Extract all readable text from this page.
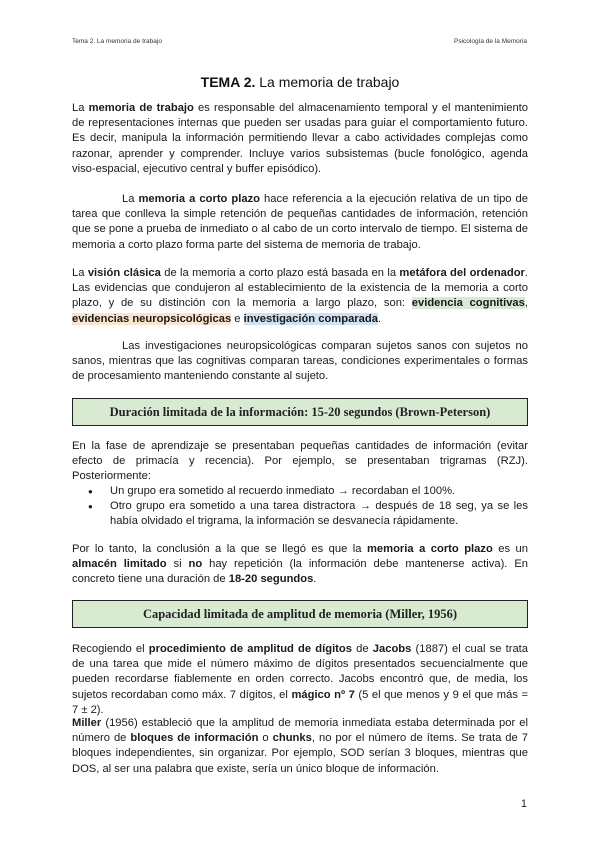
Tema 2. La memoria de trabajo	Psicología de la Memoria
TEMA 2. La memoria de trabajo
La memoria de trabajo es responsable del almacenamiento temporal y el mantenimiento de representaciones internas que pueden ser usadas para guiar el comportamiento futuro. Es decir, manipula la información permitiendo llevar a cabo actividades complejas como razonar, aprender y comprender. Incluye varios subsistemas (bucle fonológico, agenda viso-espacial, ejecutivo central y buffer episódico).
La memoria a corto plazo hace referencia a la ejecución relativa de un tipo de tarea que conlleva la simple retención de pequeñas cantidades de información, retención que se pone a prueba de inmediato o al cabo de un corto intervalo de tiempo. El sistema de memoria a corto plazo forma parte del sistema de memoria de trabajo.
La visión clásica de la memoria a corto plazo está basada en la metáfora del ordenador. Las evidencias que condujeron al establecimiento de la existencia de la memoria a corto plazo, y de su distinción con la memoria a largo plazo, son: evidencia cognitivas, evidencias neuropsicológicas e investigación comparada.
Las investigaciones neuropsicológicas comparan sujetos sanos con sujetos no sanos, mientras que las cognitivas comparan tareas, condiciones experimentales o formas de procesamiento manteniendo constante al sujeto.
Duración limitada de la información: 15-20 segundos (Brown-Peterson)
En la fase de aprendizaje se presentaban pequeñas cantidades de información (evitar efecto de primacía y recencia). Por ejemplo, se presentaban trigramas (RZJ). Posteriormente:
● Un grupo era sometido al recuerdo inmediato → recordaban el 100%.
● Otro grupo era sometido a una tarea distractora → después de 18 seg, ya se les había olvidado el trigrama, la información se desvanecía rápidamente.
Por lo tanto, la conclusión a la que se llegó es que la memoria a corto plazo es un almacén limitado si no hay repetición (la información debe mantenerse activa). En concreto tiene una duración de 18-20 segundos.
Capacidad limitada de amplitud de memoria (Miller, 1956)
Recogiendo el procedimiento de amplitud de dígitos de Jacobs (1887) el cual se trata de una tarea que mide el número máximo de dígitos presentados secuencialmente que pueden recordarse fiablemente en orden correcto. Jacobs encontró que, de media, los sujetos recordaban como máx. 7 dígitos, el mágico nº 7 (5 el que menos y 9 el que más = 7 ± 2).
Miller (1956) estableció que la amplitud de memoria inmediata estaba determinada por el número de bloques de información o chunks, no por el número de ítems. Se trata de 7 bloques independientes, sin organizar. Por ejemplo, SOD serían 3 bloques, mientras que DOS, al ser una palabra que existe, sería un único bloque de información.
1
